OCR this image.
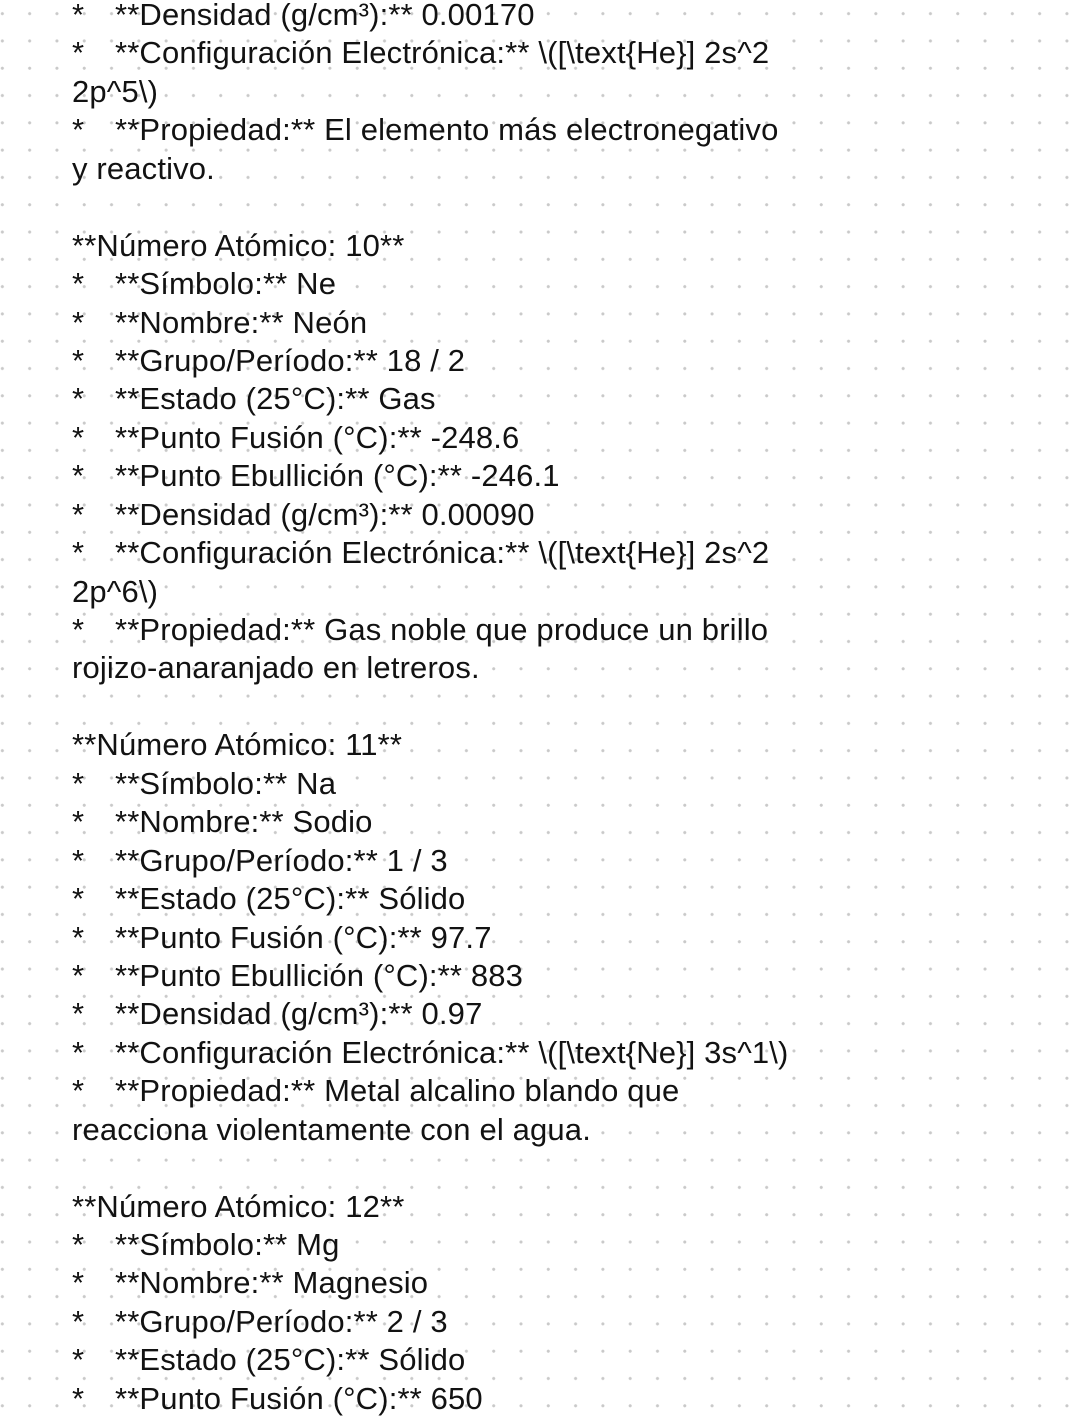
* **Densidad (g/cm³):** 0.00170
* **Configuración Electrónica:** \([\text{He}] 2s^2
2p^5\)
* **Propiedad:** El elemento más electronegativo
y reactivo.
**Número Atómico: 10**
* **Símbolo:** Ne
* **Nombre:** Neón
* **Grupo/Período:** 18 / 2
* **Estado (25°C):** Gas
* **Punto Fusión (°C):** -248.6
* **Punto Ebullición (°C):** -246.1
* **Densidad (g/cm³):** 0.00090
* **Configuración Electrónica:** \([\text{He}] 2s^2
2p^6\)
* **Propiedad:** Gas noble que produce un brillo
rojizo-anaranjado en letreros.
**Número Atómico: 11**
* **Símbolo:** Na
* **Nombre:** Sodio
* **Grupo/Período:** 1 / 3
* **Estado (25°C):** Sólido
* **Punto Fusión (°C):** 97.7
* **Punto Ebullición (°C):** 883
* **Densidad (g/cm³):** 0.97
* **Configuración Electrónica:** \([\text{Ne}] 3s^1\)
* **Propiedad:** Metal alcalino blando que
reacciona violentamente con el agua.
**Número Atómico: 12**
* **Símbolo:** Mg
* **Nombre:** Magnesio
* **Grupo/Período:** 2 / 3
* **Estado (25°C):** Sólido
* **Punto Fusión (°C):** 650
